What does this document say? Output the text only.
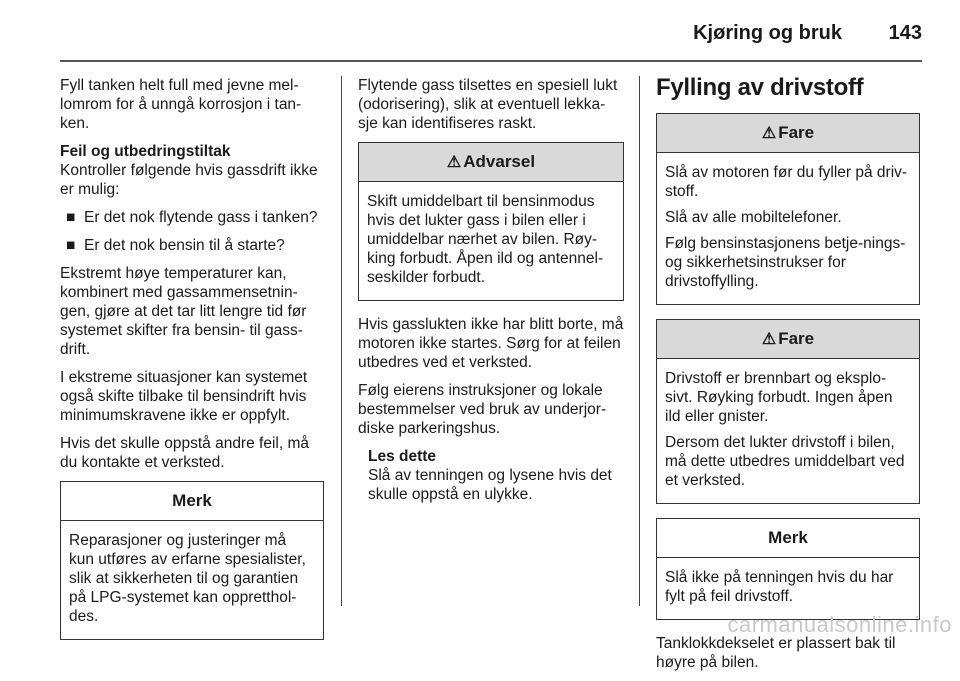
Kjøring og bruk 143

Fyll tanken helt full med jevne mel-lomrom for å unngå korrosjon i tan-ken.

Feil og utbedringstiltak

Kontroller følgende hvis gassdrift ikke er mulig:

■ Er det nok flytende gass i tanken?
■ Er det nok bensin til å starte?

Ekstremt høye temperaturer kan, kombinert med gassammensetnin-gen, gjøre at det tar litt lengre tid før systemet skifter fra bensin- til gass-drift.

I ekstreme situasjoner kan systemet også skifte tilbake til bensindrift hvis minimumskravene ikke er oppfylt.

Hvis det skulle oppstå andre feil, må du kontakte et verksted.

Merk

Reparasjoner og justeringer må kun utføres av erfarne spesialister, slik at sikkerheten til og garantien på LPG-systemet kan oppretthol-des.

Flytende gass tilsettes en spesiell lukt (odorisering), slik at eventuell lekka-sje kan identifiseres raskt.

⚠ Advarsel

Skift umiddelbart til bensinmodus hvis det lukter gass i bilen eller i umiddelbar nærhet av bilen. Røy-king forbudt. Åpen ild og antennel-seskilder forbudt.

Hvis gasslukten ikke har blitt borte, må motoren ikke startes. Sørg for at feilen utbedres ved et verksted.

Følg eierens instruksjoner og lokale bestemmelser ved bruk av underjor-diske parkeringshus.

Les dette
Slå av tenningen og lysene hvis det skulle oppstå en ulykke.
Fylling av drivstoff
⚠ Fare

Slå av motoren før du fyller på driv-stoff.

Slå av alle mobiltelefoner.

Følg bensinstasjonens betje-nings- og sikkerhetsinstrukser for drivstoffylling.

⚠ Fare

Drivstoff er brennbart og eksplo-sivt. Røyking forbudt. Ingen åpen ild eller gnister.

Dersom det lukter drivstoff i bilen, må dette utbedres umiddelbart ved et verksted.

Merk

Slå ikke på tenningen hvis du har fylt på feil drivstoff.

Tanklokkdekselet er plassert bak til høyre på bilen.

carmanualsonline.info
